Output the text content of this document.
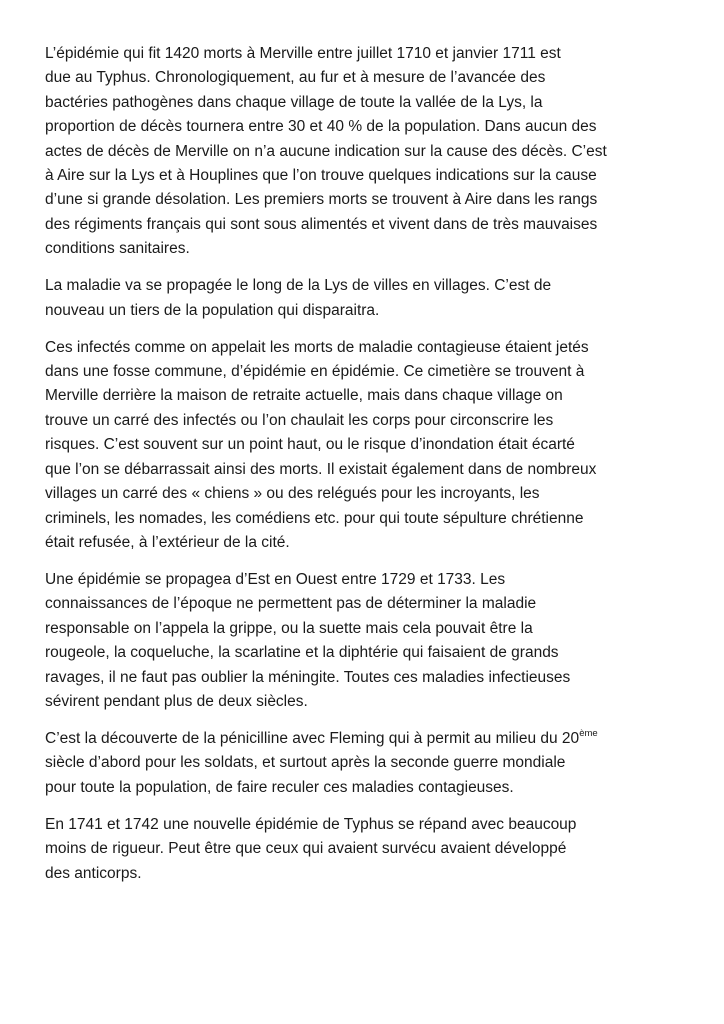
L’épidémie qui fit 1420 morts à Merville entre juillet 1710 et janvier 1711 est
due au Typhus. Chronologiquement, au fur et à mesure de l’avancée des
bactéries pathogènes dans chaque village de toute la vallée de la Lys, la
proportion de décès tournera entre 30 et 40 % de la population. Dans aucun des
actes de décès de Merville on n’a aucune indication sur la cause des décès. C’est
à Aire sur la Lys et à Houplines que l’on trouve quelques indications sur la cause
d’une si grande désolation. Les premiers morts se trouvent à Aire dans les rangs
des régiments français qui sont sous alimentés et vivent dans de très mauvaises
conditions sanitaires.

La maladie va se propagée le long de la Lys de villes en villages. C’est de
nouveau un tiers de la population qui disparaitra.

Ces infectés comme on appelait les morts de maladie contagieuse étaient jetés
dans une fosse commune, d’épidémie en épidémie. Ce cimetière se trouvent à
Merville derrière la maison de retraite actuelle, mais dans chaque village on
trouve un carré des infectés ou l’on chaulait les corps pour circonscrire les
risques. C’est souvent sur un point haut, ou le risque d’inondation était écarté
que l’on se débarrassait ainsi des morts. Il existait également dans de nombreux
villages un carré des « chiens » ou des relégués pour les incroyants, les
criminels, les nomades, les comédiens etc. pour qui toute sépulture chrétienne
était refusée, à l’extérieur de la cité.

Une épidémie se propagea d’Est en Ouest entre 1729 et 1733. Les
connaissances de l’époque ne permettent pas de déterminer la maladie
responsable on l’appela la grippe, ou la suette mais cela pouvait être la
rougeole, la coqueluche, la scarlatine et la diphtérie qui faisaient de grands
ravages, il ne faut pas oublier la méningite. Toutes ces maladies infectieuses
sévirent pendant plus de deux siècles.

C’est la découverte de la pénicilline avec Fleming qui à permit au milieu du 20ème
siècle d’abord pour les soldats, et surtout après la seconde guerre mondiale
pour toute la population, de faire reculer ces maladies contagieuses.

En 1741 et 1742 une nouvelle épidémie de Typhus se répand avec beaucoup
moins de rigueur. Peut être que ceux qui avaient survécu avaient développé
des anticorps.
